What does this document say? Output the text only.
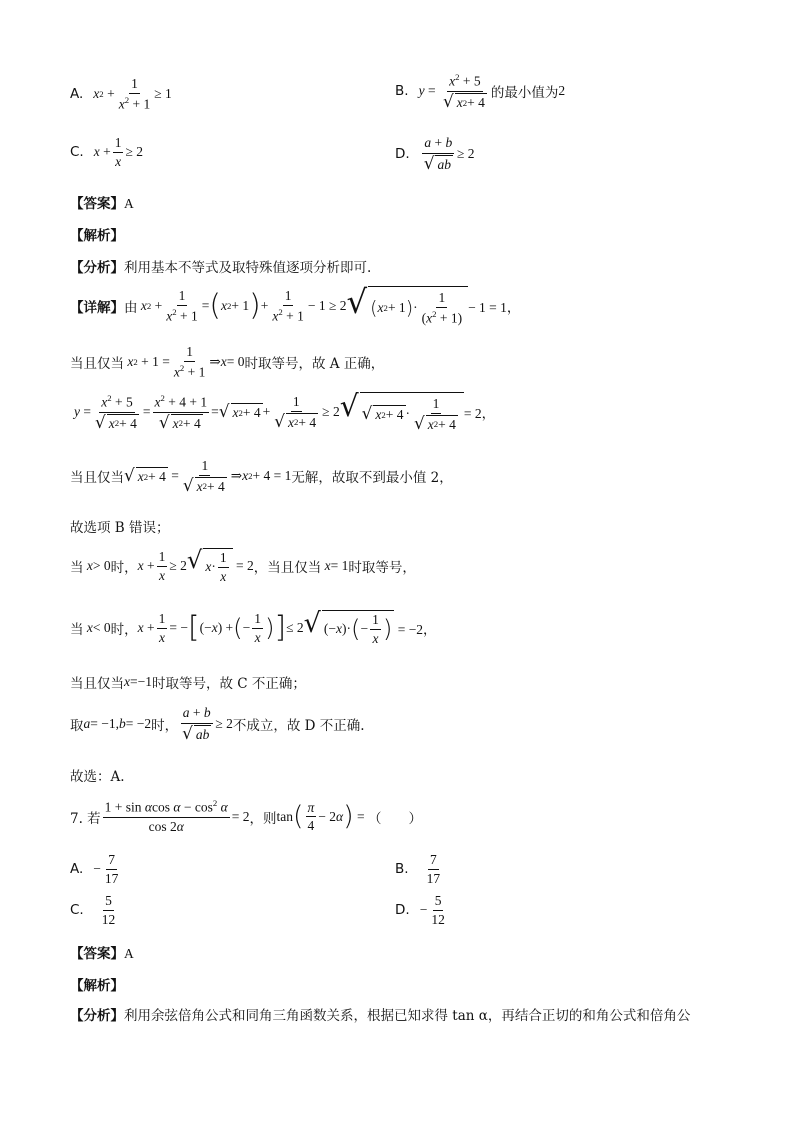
A. x $2 + \frac{1}{x^2 + 1} \ge 1$	B. $y = \frac{x^2 + 5}{√ x 2 + 4}$ 的最小值为 2
C. $x + \frac{1}{x} \ge 2$	D. $\frac{a + b}{√ ab} \ge 2$
【答案】A
【解析】
【分析】利用基本不等式及取特殊值逐项分析即可.
【详解】 由 x $2 + \frac{1}{x^2 + 1}$ = ( x 2 + 1 ) + $\frac{1}{x^2 + 1} - 1 \ge 2$ √ ( x 2 + 1 ) · $\frac{1}{(x^2 + 1)} - 1 = 1$，
当且仅当 x $2 + 1 = \frac{1}{x^2 + 1}$ ⇒ x = 0 时取等号，故 A 正确，
$y = \frac{x^2 + 5}{√ x 2 + 4} = \frac{x^2 + 4 + 1}{√ x 2 + 4}$ = √ x $2 + 4 + \frac{1}{√ x 2 + 4} \ge 2$ √ √ x $2 + 4 \cdot \frac{1}{√ x 2 + 4} = 2$，
当且仅当 √ x $2 + 4 = \frac{1}{√ x 2 + 4}$ ⇒ x 2 + 4 = 1 无解，故取不到最小值 2，
故选项 B 错误；
当 x > 0 时， $x + \frac{1}{x} \ge 2$ √ $x \cdot \frac{1}{x} = 2$ ，当且仅当 x = 1 时取等号，
当 x < 0 时， $x + \frac{1}{x}$ = − [ (− x ) + ( − $\frac{1}{x}$ ) ] ≤ 2 √ (− x )· ( − $\frac{1}{x}$ ) = −2，
当且仅当 x =−1 时取等号，故 C 不正确；
取 a = −1, b = −2 时， $\frac{a + b}{√ ab} \ge 2$ 不成立，故 D 不正确.
故选：A.
7. 若 $\frac{1 + \sin \alpha\cos \alpha - \cos^2 \alpha}{\cos 2\alpha} = 2$ ，则 tan ( $\frac{\pi}{4} - 2$ α ) = （　　）
A. − $\frac{7}{17}$	B. $\frac{7}{17}$
C. $\frac{5}{12}$	D. − $\frac{5}{12}$
【答案】A
【解析】
【分析】利用余弦倍角公式和同角三角函数关系，根据已知求得 tan α，再结合正切的和角公式和倍角公
